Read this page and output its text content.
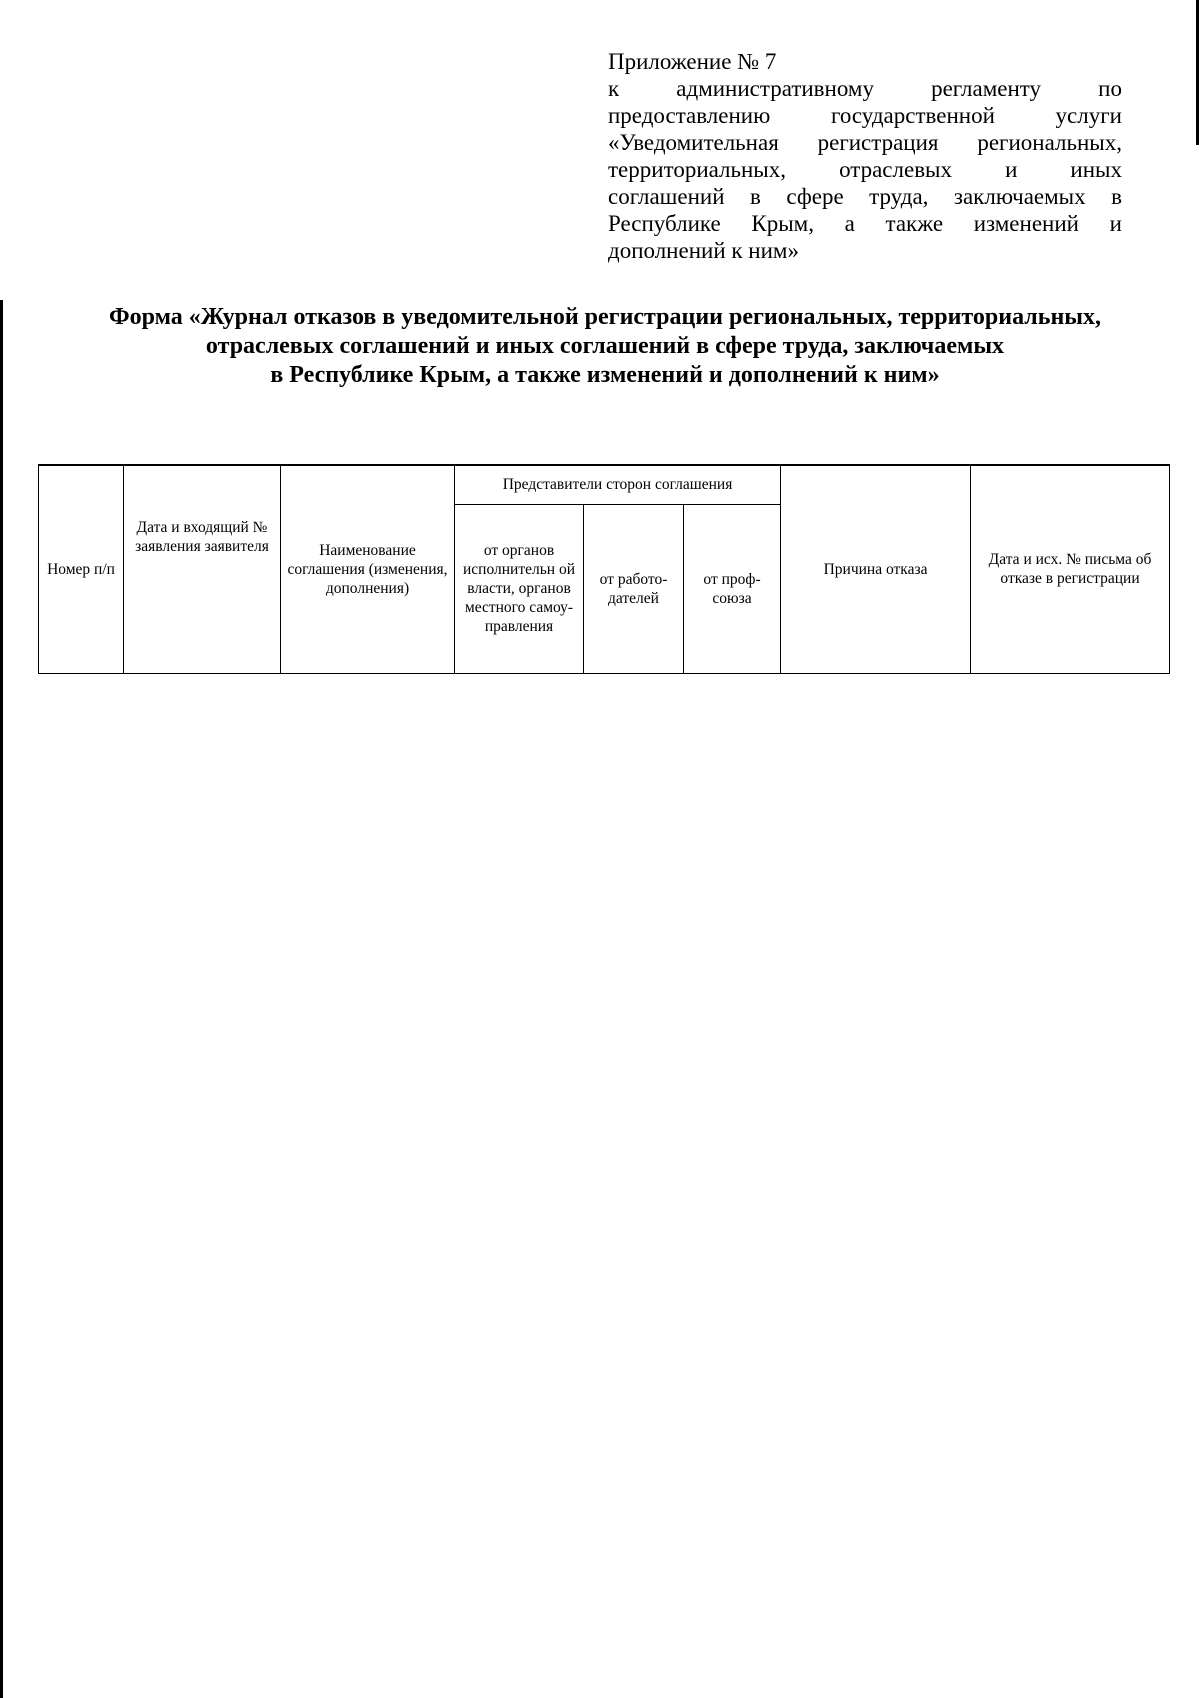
Приложение № 7
к административному регламенту по
предоставлению	государственной	услуги
«Уведомительная регистрация региональных,
территориальных, отраслевых и иных
соглашений в сфере труда, заключаемых в
Республике Крым, а также изменений и
дополнений к ним»
Форма «Журнал отказов в уведомительной регистрации региональных, территориальных,
отраслевых соглашений и иных соглашений в сфере труда, заключаемых
в Республике Крым, а также изменений и дополнений к ним»
Номер п/п	Дата и входящий № заявления заявителя	Наименование соглашения (изменения, дополнения)	Представители сторон соглашения			Причина отказа	Дата и исх. № письма об отказе в регистрации
			от органов исполнительн ой власти, органов местного самоу-правления	от работо-дателей	от проф-союза		
